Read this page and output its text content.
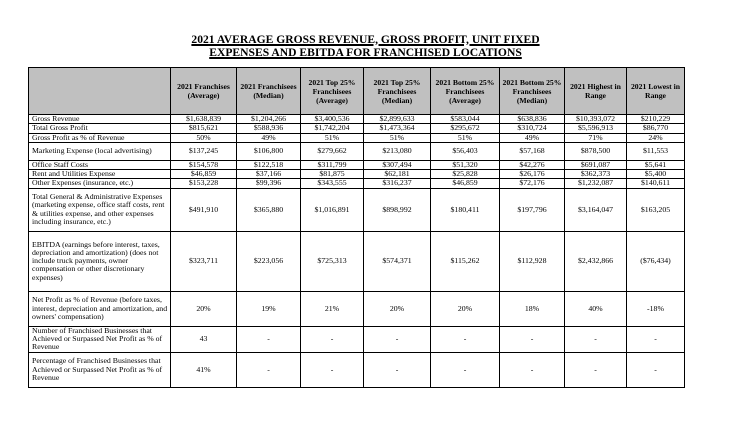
2021 AVERAGE GROSS REVENUE, GROSS PROFIT, UNIT FIXED
EXPENSES AND EBITDA FOR FRANCHISED LOCATIONS
	2021 Franchises (Average)	2021 Franchisees (Median)	2021 Top 25% Franchisees (Average)	2021 Top 25% Franchisees (Median)	2021 Bottom 25% Franchisees (Average)	2021 Bottom 25% Franchisees (Median)	2021 Highest in Range	2021 Lowest in Range
Gross Revenue	$1,638,839	$1,204,266	$3,400,536	$2,899,633	$583,044	$638,836	$10,393,072	$210,229
Total Gross Profit	$815,621	$588,936	$1,742,204	$1,473,364	$295,672	$310,724	$5,596,913	$86,770
Gross Profit as % of Revenue	50%	49%	51%	51%	51%	49%	71%	24%
Marketing Expense (local advertising)	$137,245	$106,800	$279,662	$213,080	$56,403	$57,168	$878,500	$11,553
Office Staff Costs	$154,578	$122,518	$311,799	$307,494	$51,320	$42,276	$691,087	$5,641
Rent and Utilities Expense	$46,859	$37,166	$81,875	$62,181	$25,828	$26,176	$362,373	$5,400
Other Expenses (insurance, etc.)	$153,228	$99,396	$343,555	$316,237	$46,859	$72,176	$1,232,087	$140,611
Total General & Administrative Expenses (marketing expense, office staff costs, rent & utilities expense, and other expenses including insurance, etc.)	$491,910	$365,880	$1,016,891	$898,992	$180,411	$197,796	$3,164,047	$163,205
EBITDA (earnings before interest, taxes, depreciation and amortization) (does not include truck payments, owner compensation or other discretionary expenses)	$323,711	$223,056	$725,313	$574,371	$115,262	$112,928	$2,432,866	($76,434)
Net Profit as % of Revenue (before taxes, interest, depreciation and amortization, and owners' compensation)	20%	19%	21%	20%	20%	18%	40%	-18%
Number of Franchised Businesses that Achieved or Surpassed Net Profit as % of Revenue	43	-	-	-	-	-	-	-
Percentage of Franchised Businesses that Achieved or Surpassed Net Profit as % of Revenue	41%	-	-	-	-	-	-	-
